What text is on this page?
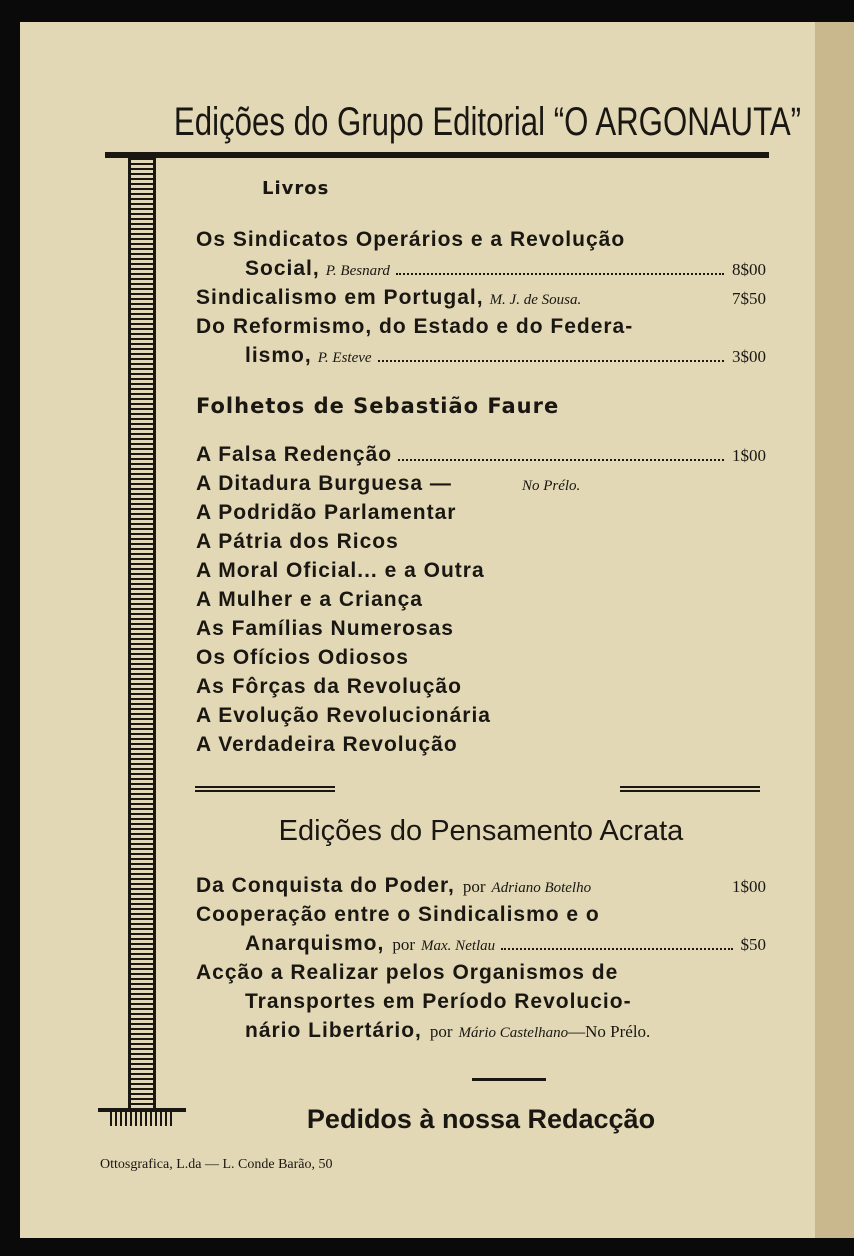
Edições do Grupo Editorial “O ARGONAUTA”
Livros
Os Sindicatos Operários e a Revolução
Social, P. Besnard	8$00
Sindicalismo em Portugal, M. J. de Sousa.	7$50
Do Reformismo, do Estado e do Federa-
lismo, P. Esteve	3$00
Folhetos de Sebastião Faure
A Falsa Redenção	1$00
A Ditadura Burguesa —	No Prélo.
A Podridão Parlamentar
A Pátria dos Ricos
A Moral Oficial... e a Outra
A Mulher e a Criança
As Famílias Numerosas
Os Ofícios Odiosos
As Fôrças da Revolução
A Evolução Revolucionária
A Verdadeira Revolução
Edições do Pensamento Acrata
Da Conquista do Poder, por Adriano Botelho	1$00
Cooperação entre o Sindicalismo e o
Anarquismo, por Max. Netlau	$50
Acção a Realizar pelos Organismos de
Transportes em Período Revolucio-
nário Libertário, por Mário Castelhano —No Prélo.
Pedidos à nossa Redacção
Ottosgrafica, L.da — L. Conde Barão, 50
